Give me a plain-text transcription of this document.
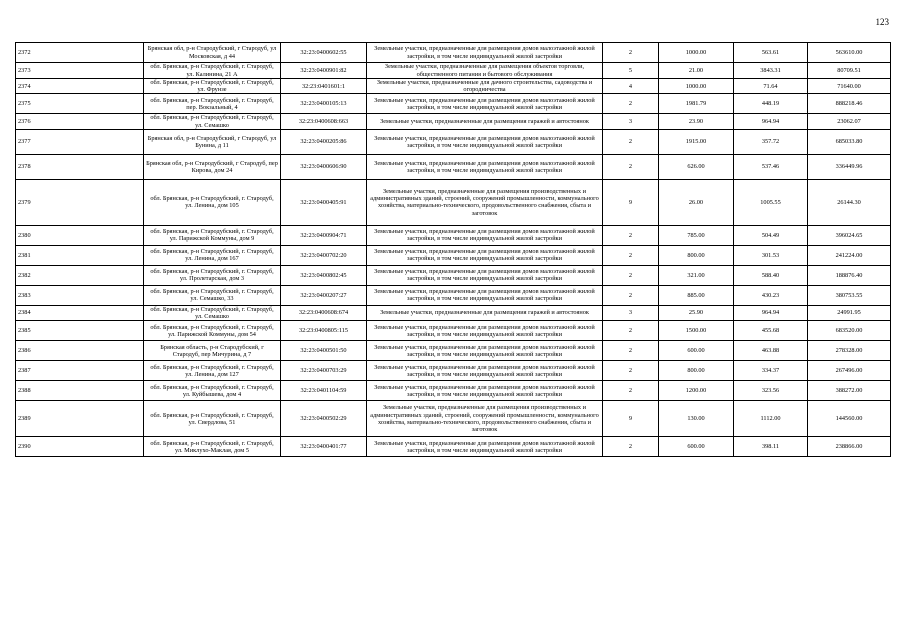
123
2372	Брянская обл, р-н Стародубский, г Стародуб, ул Московская, д 44	32:23:0400602:55	Земельные участки, предназначенные для размещения домов малоэтажной жилой застройки, в том числе индивидуальной жилой застройки	2	1000.00	563.61	563610.00
2373	обл. Брянская, р-н Стародубский, г. Стародуб, ул. Калинина, 21 А	32:23:0400901:82	Земельные участки, предназначенные для размещения объектов торговли, общественного питания и бытового обслуживания	5	21.00	3843.31	80709.51
2374	обл. Брянская, р-н Стародубский, г. Стародуб, ул. Фрунзе	32:23:0401601:1	Земельные участки, предназначенные для дачного строительства, садоводства и огородничества	4	1000.00	71.64	71640.00
2375	обл. Брянская, р-н Стародубский, г. Стародуб, пер. Вокзальный, 4	32:23:0400105:13	Земельные участки, предназначенные для размещения домов малоэтажной жилой застройки, в том числе индивидуальной жилой застройки	2	1981.79	448.19	888218.46
2376	обл. Брянская, р-н Стародубский, г. Стародуб, ул. Семашко	32:23:0400608:663	Земельные участки, предназначенные для размещения гаражей и автостоянок	3	23.90	964.94	23062.07
2377	Брянская обл, р-н Стародубский, г Стародуб, ул Бунина, д 11	32:23:0400205:86	Земельные участки, предназначенные для размещения домов малоэтажной жилой застройки, в том числе индивидуальной жилой застройки	2	1915.00	357.72	685033.80
2378	Брянская обл, р-н Стародубский, г Стародуб, пер Кирова, дом 24	32:23:0400606:90	Земельные участки, предназначенные для размещения домов малоэтажной жилой застройки, в том числе индивидуальной жилой застройки	2	626.00	537.46	336449.96
2379	обл. Брянская, р-н Стародубский, г. Стародуб, ул. Ленина, дом 105	32:23:0400405:91	Земельные участки, предназначенные для размещения производственных и административных зданий, строений, сооружений промышленности, коммунального хозяйства, материально-технического, продовольственного снабжения, сбыта и заготовок	9	26.00	1005.55	26144.30
2380	обл. Брянская, р-н Стародубский, г. Стародуб, ул. Парижской Коммуны, дом 9	32:23:0400904:71	Земельные участки, предназначенные для размещения домов малоэтажной жилой застройки, в том числе индивидуальной жилой застройки	2	785.00	504.49	396024.65
2381	обл. Брянская, р-н Стародубский, г. Стародуб, ул. Ленина, дом 167	32:23:0400702:20	Земельные участки, предназначенные для размещения домов малоэтажной жилой застройки, в том числе индивидуальной жилой застройки	2	800.00	301.53	241224.00
2382	обл. Брянская, р-н Стародубский, г. Стародуб, ул. Пролетарская, дом 3	32:23:0400802:45	Земельные участки, предназначенные для размещения домов малоэтажной жилой застройки, в том числе индивидуальной жилой застройки	2	321.00	588.40	188876.40
2383	обл. Брянская, р-н Стародубский, г. Стародуб, ул. Семашко, 33	32:23:0400207:27	Земельные участки, предназначенные для размещения домов малоэтажной жилой застройки, в том числе индивидуальной жилой застройки	2	885.00	430.23	380753.55
2384	обл. Брянская, р-н Стародубский, г. Стародуб, ул. Семашко	32:23:0400608:674	Земельные участки, предназначенные для размещения гаражей и автостоянок	3	25.90	964.94	24991.95
2385	обл. Брянская, р-н Стародубский, г. Стародуб, ул. Парижской Коммуны, дом 54	32:23:0400805:115	Земельные участки, предназначенные для размещения домов малоэтажной жилой застройки, в том числе индивидуальной жилой застройки	2	1500.00	455.68	683520.00
2386	Брянская область, р-н Стародубский, г Стародуб, пер Мичурина, д 7	32:23:0400501:50	Земельные участки, предназначенные для размещения домов малоэтажной жилой застройки, в том числе индивидуальной жилой застройки	2	600.00	463.88	278328.00
2387	обл. Брянская, р-н Стародубский, г. Стародуб, ул. Ленина, дом 127	32:23:0400703:29	Земельные участки, предназначенные для размещения домов малоэтажной жилой застройки, в том числе индивидуальной жилой застройки	2	800.00	334.37	267496.00
2388	обл. Брянская, р-н Стародубский, г. Стародуб, ул. Куйбышева, дом 4	32:23:0401104:59	Земельные участки, предназначенные для размещения домов малоэтажной жилой застройки, в том числе индивидуальной жилой застройки	2	1200.00	323.56	388272.00
2389	обл. Брянская, р-н Стародубский, г. Стародуб, ул. Свердлова, 51	32:23:0400502:29	Земельные участки, предназначенные для размещения производственных и административных зданий, строений, сооружений промышленности, коммунального хозяйства, материально-технического, продовольственного снабжения, сбыта и заготовок	9	130.00	1112.00	144560.00
2390	обл. Брянская, р-н Стародубский, г. Стародуб, ул. Миклухо-Маклая, дом 5	32:23:0400401:77	Земельные участки, предназначенные для размещения домов малоэтажной жилой застройки, в том числе индивидуальной жилой застройки	2	600.00	398.11	238866.00
